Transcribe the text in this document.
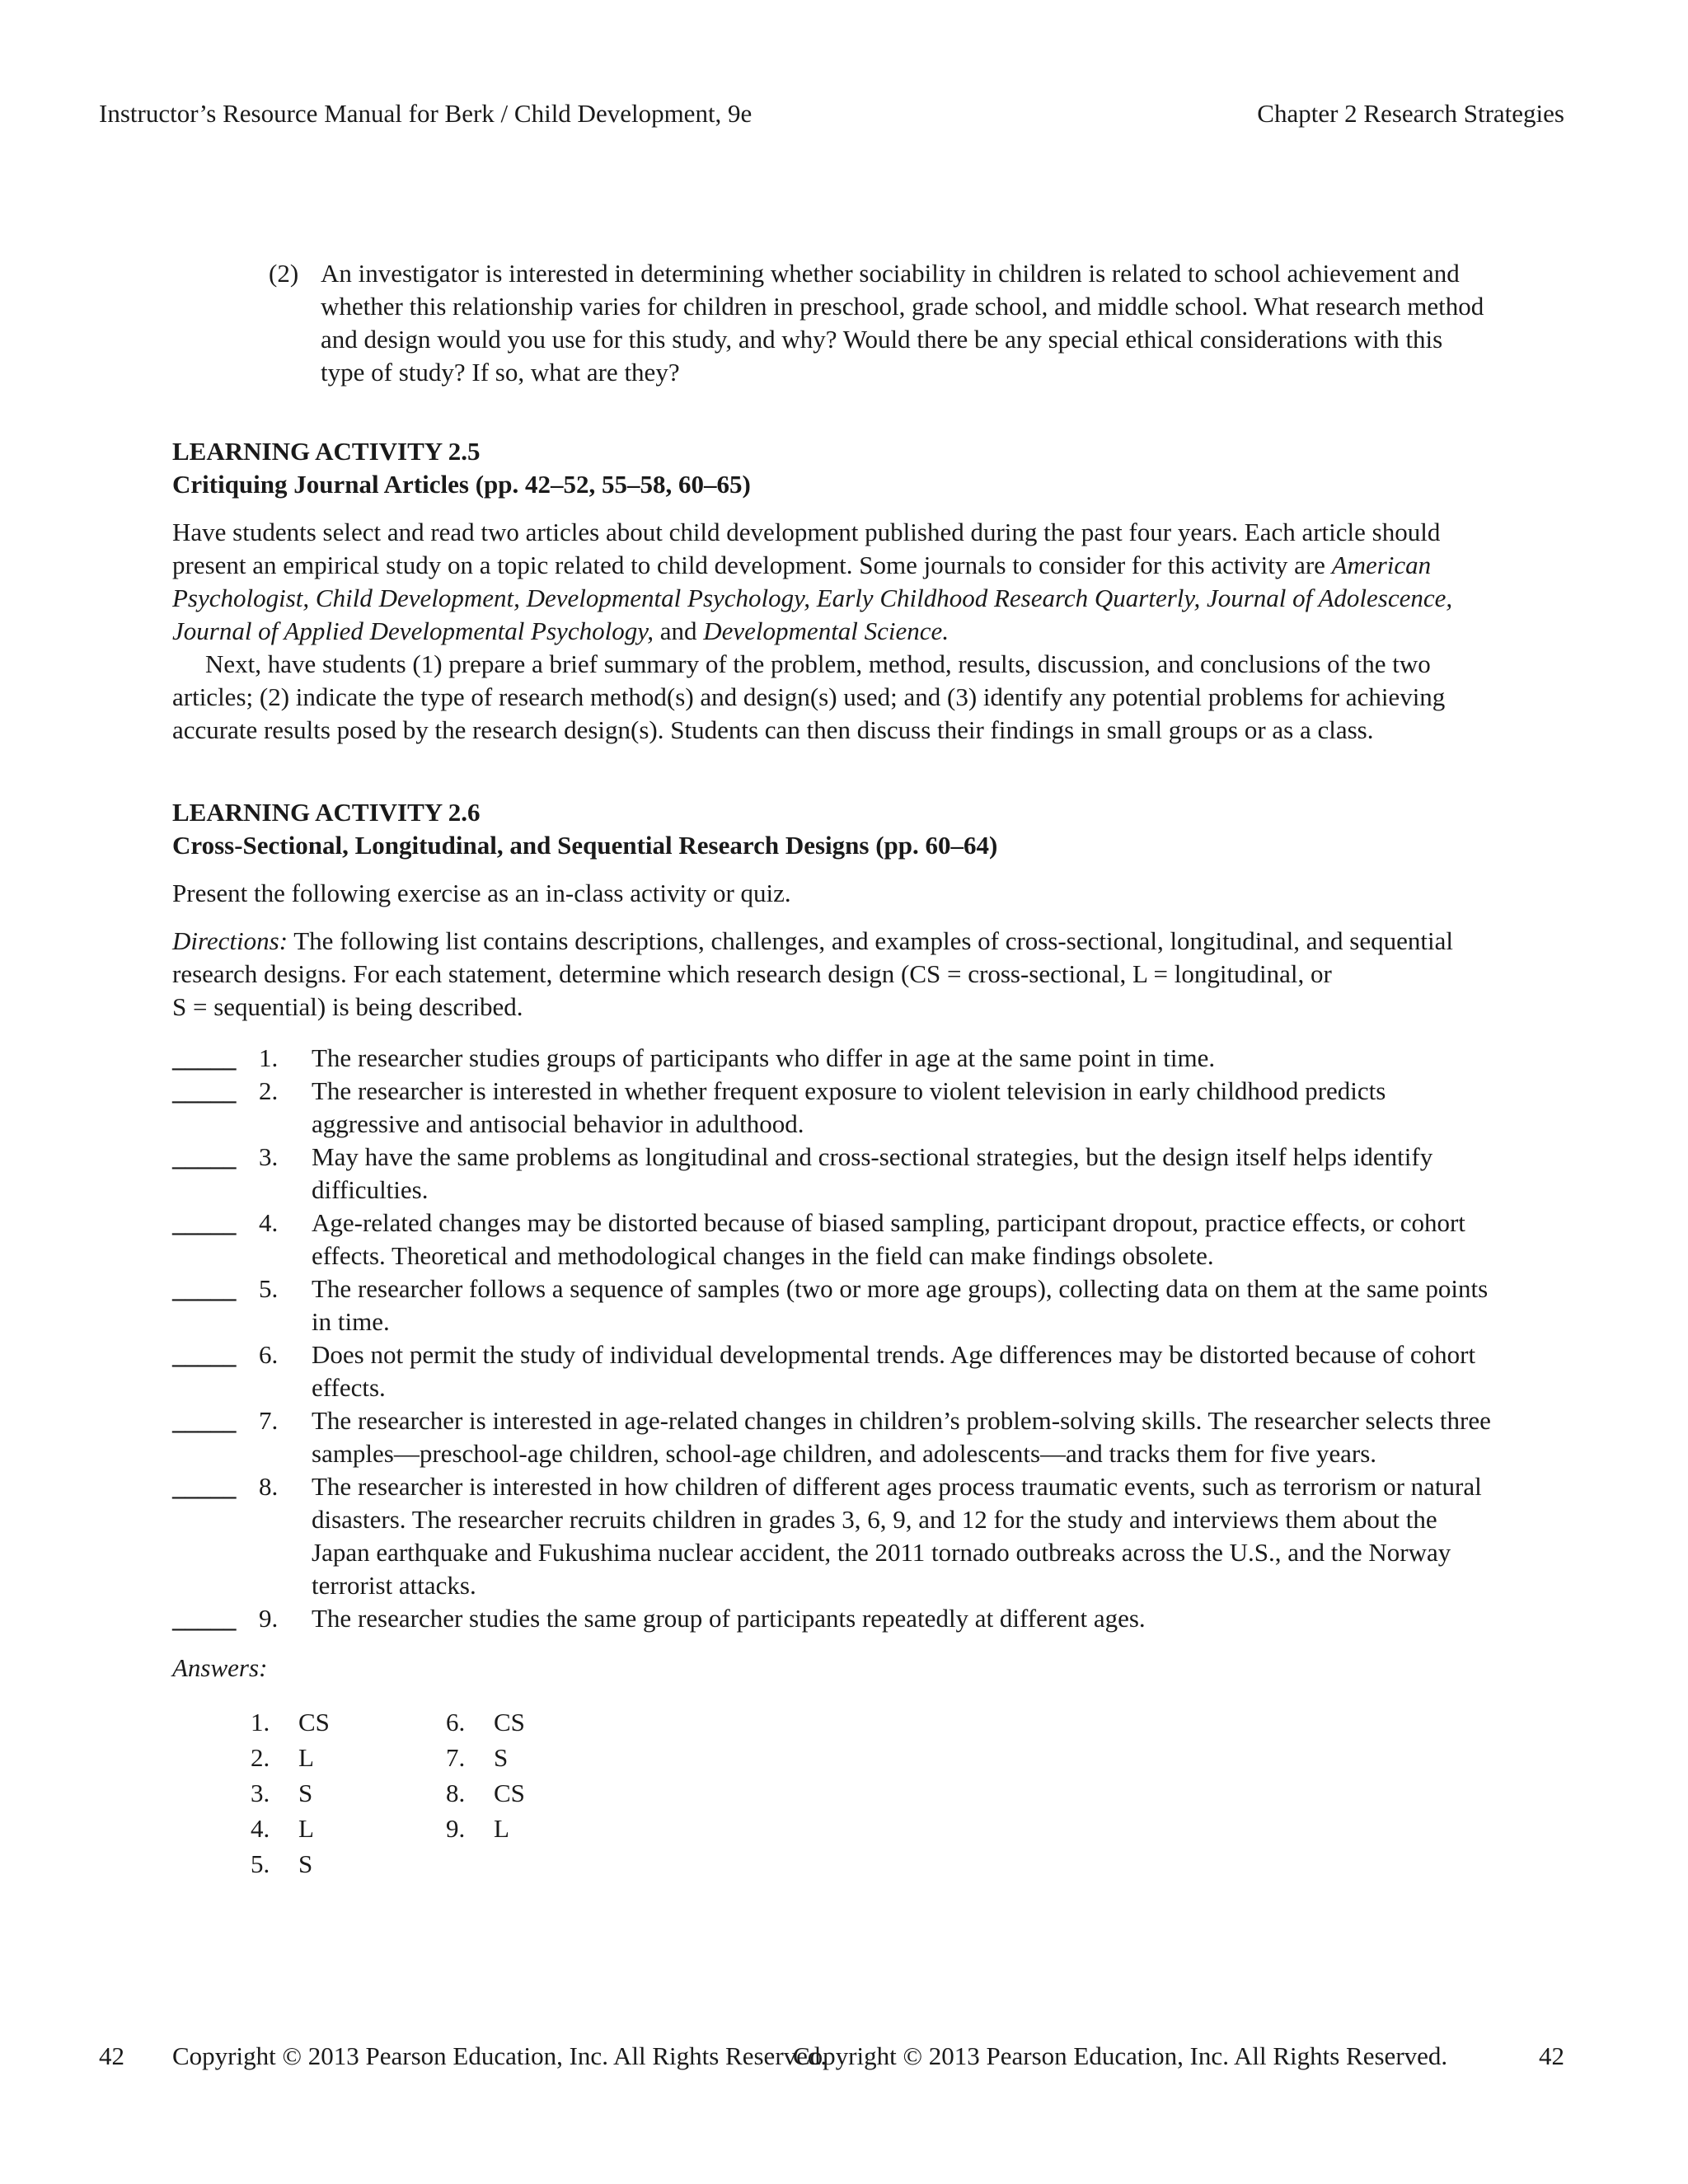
Instructor’s Resource Manual for Berk / Child Development, 9e	Chapter 2 Research Strategies
(2) An investigator is interested in determining whether sociability in children is related to school achievement and

whether this relationship varies for children in preschool, grade school, and middle school. What research method

and design would you use for this study, and why? Would there be any special ethical considerations with this

type of study? If so, what are they?

LEARNING ACTIVITY 2.5

Critiquing Journal Articles (pp. 42–52, 55–58, 60–65)

Have students select and read two articles about child development published during the past four years. Each article should

present an empirical study on a topic related to child development. Some journals to consider for this activity are American

Psychologist, Child Development, Developmental Psychology, Early Childhood Research Quarterly, Journal of Adolescence,

Journal of Applied Developmental Psychology, and Developmental Science.

Next, have students (1) prepare a brief summary of the problem, method, results, discussion, and conclusions of the two

articles; (2) indicate the type of research method(s) and design(s) used; and (3) identify any potential problems for achieving

accurate results posed by the research design(s). Students can then discuss their findings in small groups or as a class.

LEARNING ACTIVITY 2.6

Cross-Sectional, Longitudinal, and Sequential Research Designs (pp. 60–64)

Present the following exercise as an in-class activity or quiz.

Directions: The following list contains descriptions, challenges, and examples of cross-sectional, longitudinal, and sequential

research designs. For each statement, determine which research design (CS = cross-sectional, L = longitudinal, or

S = sequential) is being described.

_____ 1. The researcher studies groups of participants who differ in age at the same point in time.

_____ 2. The researcher is interested in whether frequent exposure to violent television in early childhood predicts

aggressive and antisocial behavior in adulthood.

_____ 3. May have the same problems as longitudinal and cross-sectional strategies, but the design itself helps identify

difficulties.

_____ 4. Age-related changes may be distorted because of biased sampling, participant dropout, practice effects, or cohort

effects. Theoretical and methodological changes in the field can make findings obsolete.

_____ 5. The researcher follows a sequence of samples (two or more age groups), collecting data on them at the same points

in time.

_____ 6. Does not permit the study of individual developmental trends. Age differences may be distorted because of cohort

effects.

_____ 7. The researcher is interested in age-related changes in children’s problem-solving skills. The researcher selects three

samples—preschool-age children, school-age children, and adolescents—and tracks them for five years.

_____ 8. The researcher is interested in how children of different ages process traumatic events, such as terrorism or natural

disasters. The researcher recruits children in grades 3, 6, 9, and 12 for the study and interviews them about the

Japan earthquake and Fukushima nuclear accident, the 2011 tornado outbreaks across the U.S., and the Norway

terrorist attacks.

_____ 9. The researcher studies the same group of participants repeatedly at different ages.

Answers:
1. CS
2. L
3. S
4. L
5. S
6. CS
7. S
8. CS
9. L
42 Copyright © 2013 Pearson Education, Inc. All Rights Reserved.
Copyright © 2013 Pearson Education, Inc. All Rights Reserved.	42
